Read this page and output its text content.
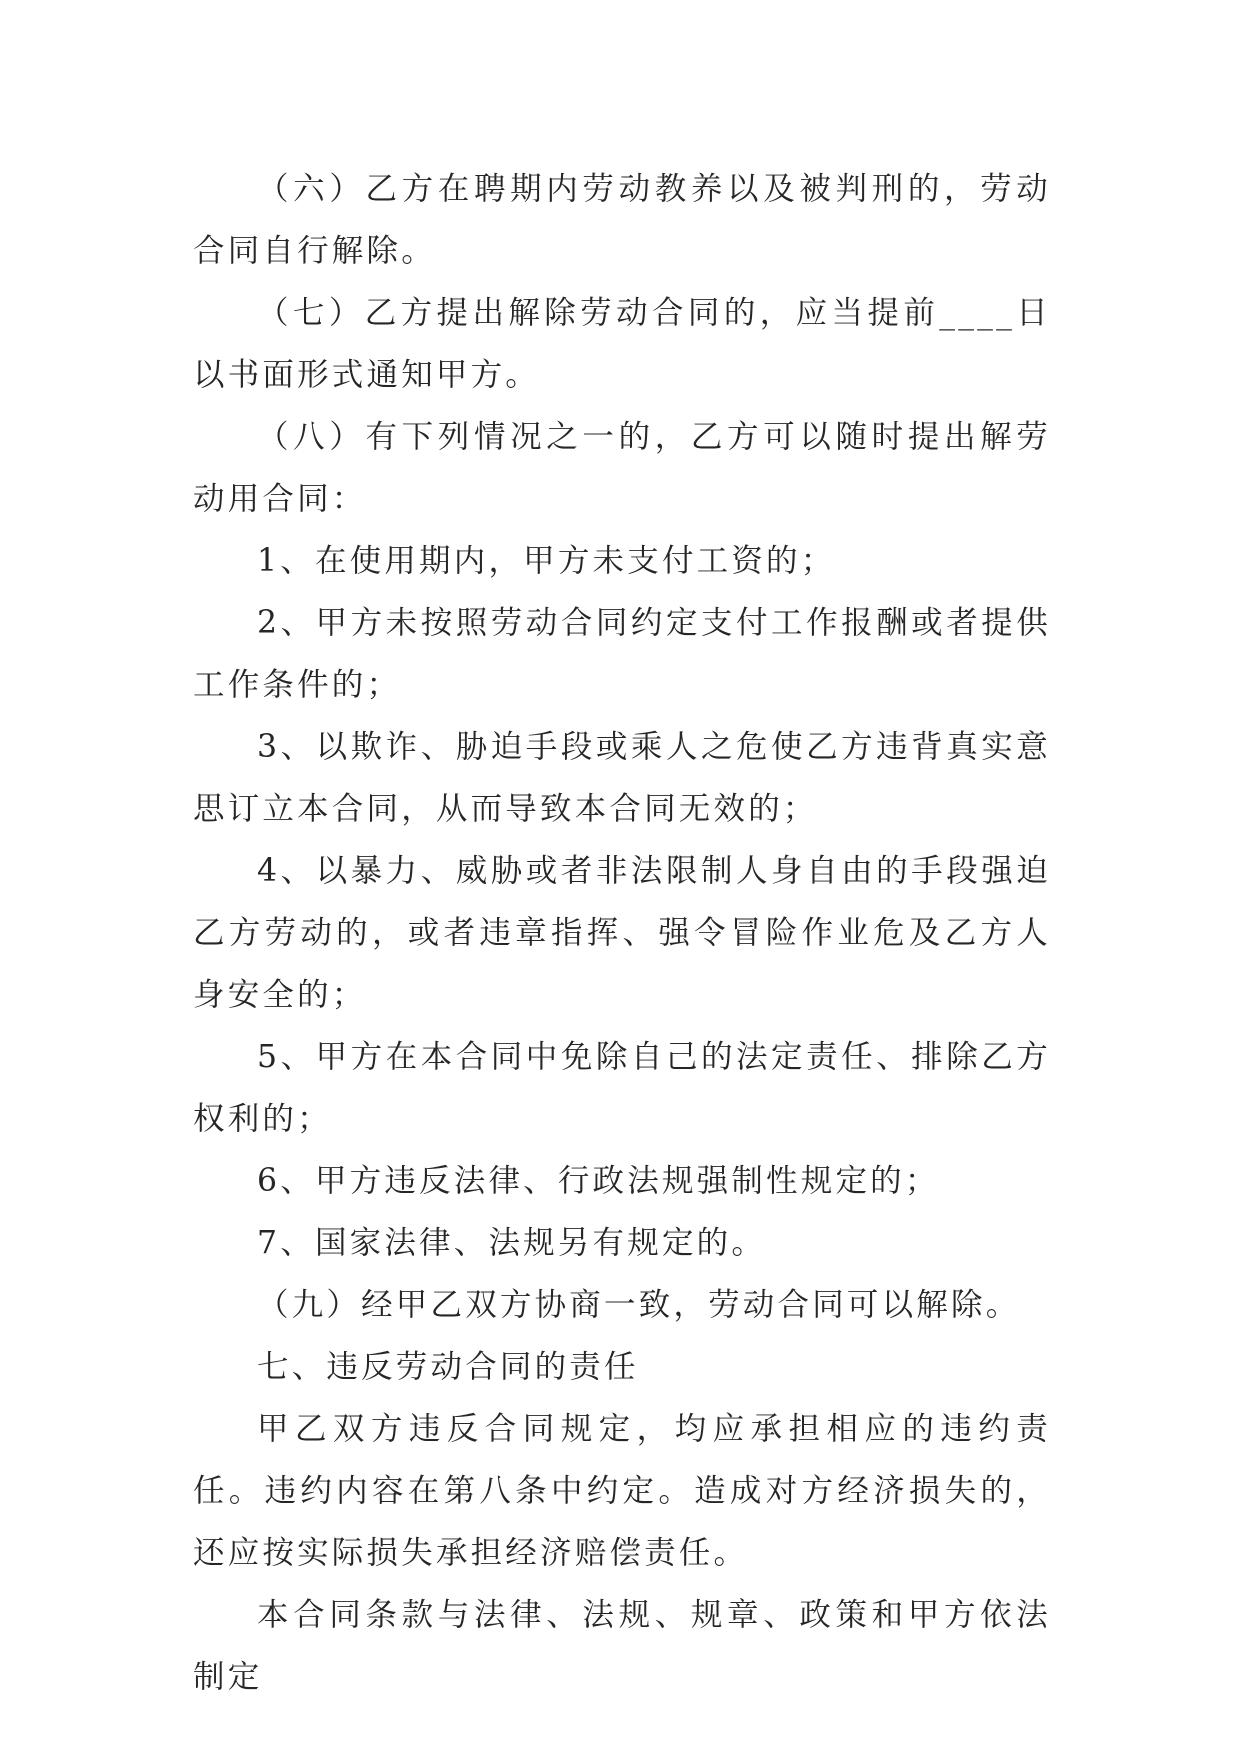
（六）乙方在聘期内劳动教养以及被判刑的，劳动合同自行解除。

（七）乙方提出解除劳动合同的，应当提前____日以书面形式通知甲方。

（八）有下列情况之一的，乙方可以随时提出解劳动用合同：

1、在使用期内，甲方未支付工资的；

2、甲方未按照劳动合同约定支付工作报酬或者提供工作条件的；

3、以欺诈、胁迫手段或乘人之危使乙方违背真实意思订立本合同，从而导致本合同无效的；

4、以暴力、威胁或者非法限制人身自由的手段强迫乙方劳动的，或者违章指挥、强令冒险作业危及乙方人身安全的；

5、甲方在本合同中免除自己的法定责任、排除乙方权利的；

6、甲方违反法律、行政法规强制性规定的；

7、国家法律、法规另有规定的。

（九）经甲乙双方协商一致，劳动合同可以解除。

七、违反劳动合同的责任

甲乙双方违反合同规定，均应承担相应的违约责任。违约内容在第八条中约定。造成对方经济损失的，还应按实际损失承担经济赔偿责任。

本合同条款与法律、法规、规章、政策和甲方依法制定
